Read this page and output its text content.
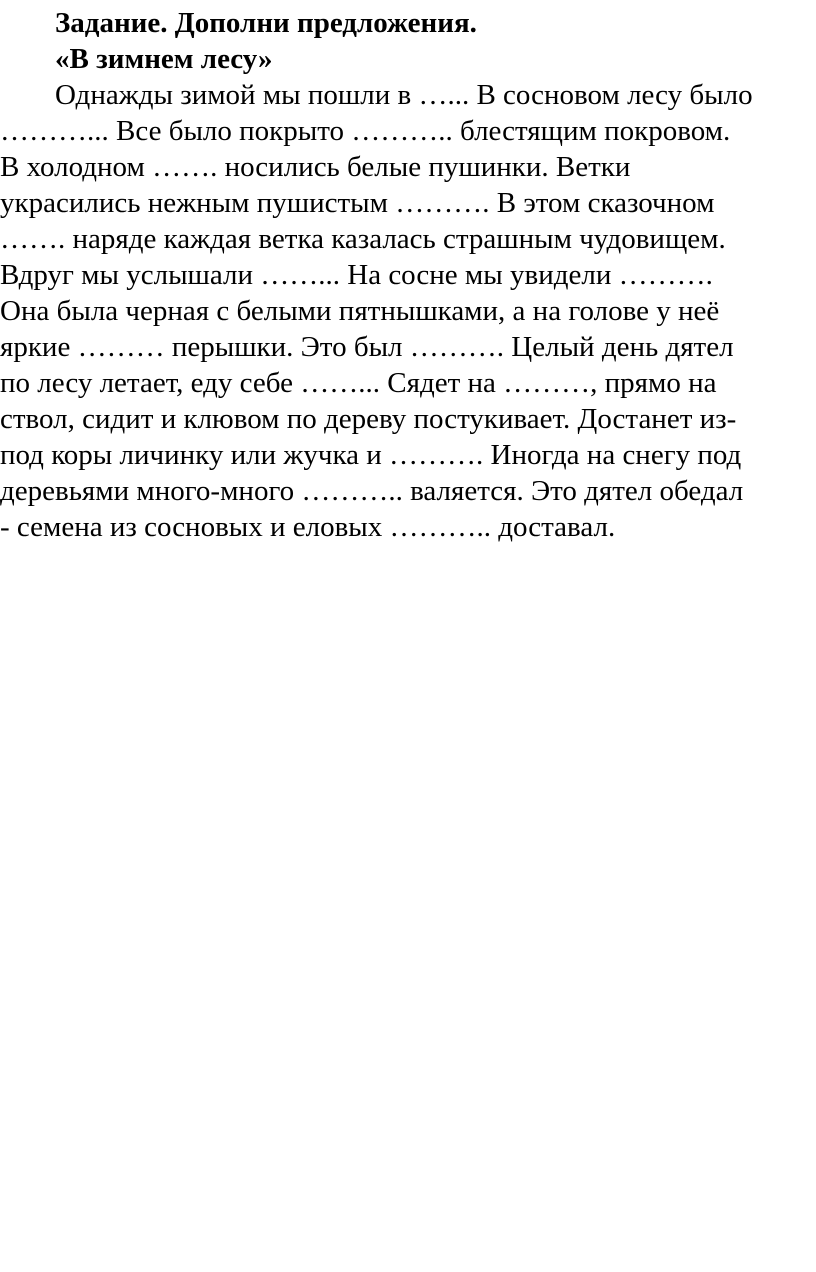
Задание. Дополни предложения.
«В зимнем лесу»
Однажды зимой мы пошли в …... В сосновом лесу было
………... Все было покрыто ……….. блестящим покровом.
В холодном ……. носились белые пушинки. Ветки
украсились нежным пушистым ………. В этом сказочном
……. наряде каждая ветка казалась страшным чудовищем.
Вдруг мы услышали ……... На сосне мы увидели ……….
Она была черная с белыми пятнышками, а на голове у неё
яркие ……… перышки. Это был ………. Целый день дятел
по лесу летает, еду себе ……... Сядет на ………, прямо на
ствол, сидит и клювом по дереву постукивает. Достанет из-
под коры личинку или жучка и ………. Иногда на снегу под
деревьями много-много ……….. валяется. Это дятел обедал
- семена из сосновых и еловых ……….. доставал.
